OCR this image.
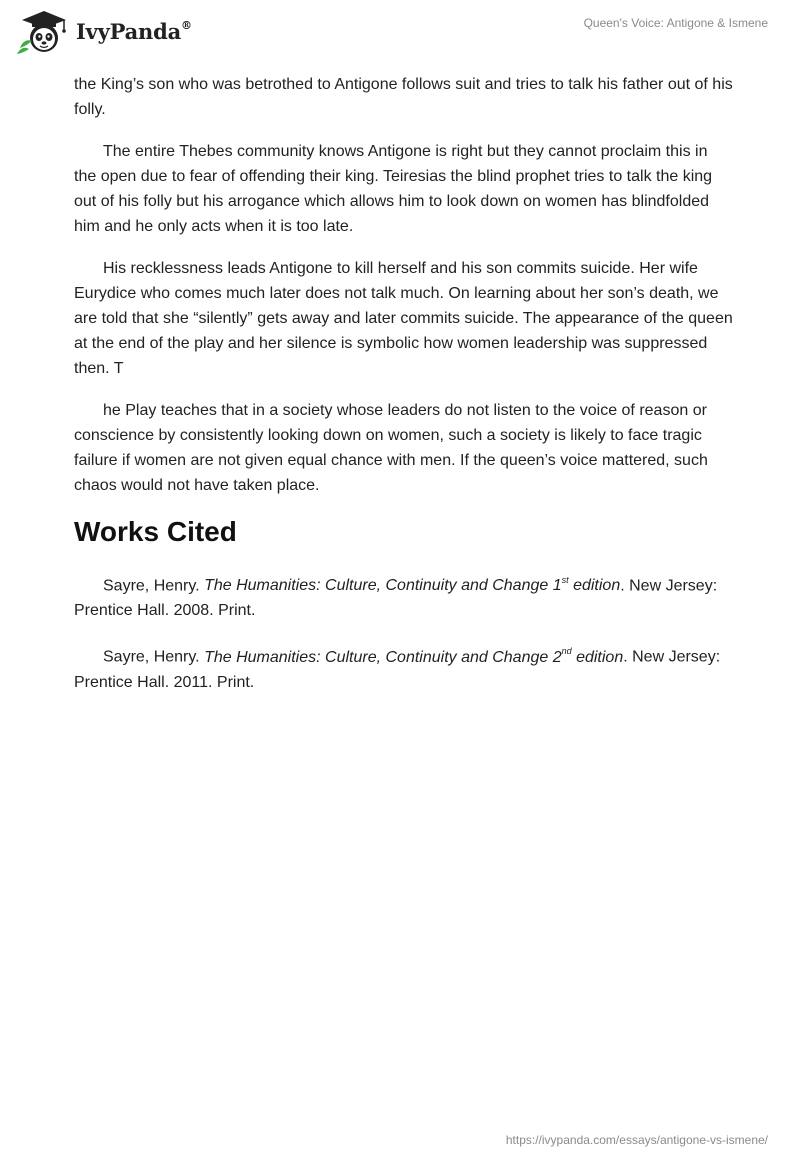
IvyPanda®	Queen's Voice: Antigone & Ismene

the King’s son who was betrothed to Antigone follows suit and tries to talk his father out of his folly.

The entire Thebes community knows Antigone is right but they cannot proclaim this in the open due to fear of offending their king. Teiresias the blind prophet tries to talk the king out of his folly but his arrogance which allows him to look down on women has blindfolded him and he only acts when it is too late.

His recklessness leads Antigone to kill herself and his son commits suicide. Her wife Eurydice who comes much later does not talk much. On learning about her son’s death, we are told that she “silently” gets away and later commits suicide. The appearance of the queen at the end of the play and her silence is symbolic how women leadership was suppressed then. T

he Play teaches that in a society whose leaders do not listen to the voice of reason or conscience by consistently looking down on women, such a society is likely to face tragic failure if women are not given equal chance with men. If the queen’s voice mattered, such chaos would not have taken place.

Works Cited

Sayre, Henry. The Humanities: Culture, Continuity and Change 1st edition. New Jersey: Prentice Hall. 2008. Print.

Sayre, Henry. The Humanities: Culture, Continuity and Change 2nd edition. New Jersey: Prentice Hall. 2011. Print.

https://ivypanda.com/essays/antigone-vs-ismene/
